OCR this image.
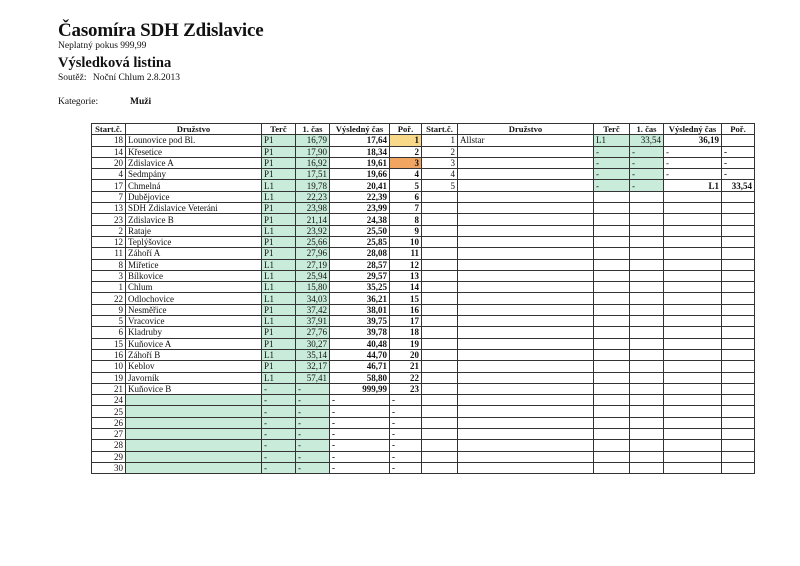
Časomíra SDH Zdislavice
Neplatný pokus 999,99
Výsledková listina
Soutěž: Noční Chlum 2.8.2013
Kategorie:	Muži
Start.č.	Družstvo	Terč	1. čas	Výsledný čas	Poř.	Start.č.	Družstvo	Terč	1. čas	Výsledný čas	Poř.
18	Lounovice pod Bl.	P1	16,79	17,64	1	1	Allstar	L1	33,54	36,19	
14	Křesetice	P1	17,90	18,34	2	2		-	-	-	-
20	Zdislavice A	P1	16,92	19,61	3	3		-	-	-	-
4	Sedmpány	P1	17,51	19,66	4	4		-	-	-	-
17	Chmelná	L1	19,78	20,41	5	5		-	-	L1	33,54
7	Dubějovice	L1	22,23	22,39	6						
13	SDH Zdislavice Veteráni	P1	23,98	23,99	7						
23	Zdislavice B	P1	21,14	24,38	8						
2	Rataje	L1	23,92	25,50	9						
12	Teplýšovice	P1	25,66	25,85	10						
11	Záhoří A	P1	27,96	28,08	11						
8	Miřetice	L1	27,19	28,57	12						
3	Bílkovice	L1	25,94	29,57	13						
1	Chlum	L1	15,80	35,25	14						
22	Odlochovice	L1	34,03	36,21	15						
9	Nesměřice	P1	37,42	38,01	16						
5	Vracovice	L1	37,91	39,75	17						
6	Kladruby	P1	27,76	39,78	18						
15	Kuňovice A	P1	30,27	40,48	19						
16	Záhoří B	L1	35,14	44,70	20						
10	Keblov	P1	32,17	46,71	21						
19	Javorník	L1	57,41	58,80	22						
21	Kuňovice B	-	-	999,99	23						
24		-	-	-	-						
25		-	-	-	-						
26		-	-	-	-						
27		-	-	-	-						
28		-	-	-	-						
29		-	-	-	-						
30		-	-	-	-						
